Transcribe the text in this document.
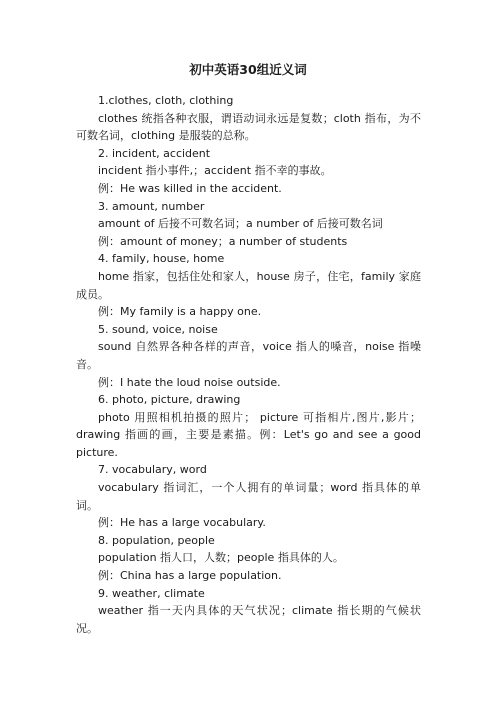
初中英语30组近义词

1.clothes, cloth, clothing

clothes 统指各种衣服，谓语动词永远是复数；cloth 指布，为不可数名词，clothing 是服装的总称。

2. incident, accident

incident 指小事件,；accident 指不幸的事故。

例：He was killed in the accident.

3. amount, number

amount of 后接不可数名词；a number of 后接可数名词

例：amount of money；a number of students

4. family, house, home

home 指家，包括住处和家人，house 房子，住宅，family 家庭成员。

例：My family is a happy one.

5. sound, voice, noise

sound 自然界各种各样的声音，voice 指人的嗓音，noise 指噪音。

例：I hate the loud noise outside.

6. photo, picture, drawing

photo 用照相机拍摄的照片； picture 可指相片,图片,影片；drawing 指画的画，主要是素描。例：Let's go and see a good picture.

7. vocabulary, word

vocabulary 指词汇，一个人拥有的单词量；word 指具体的单词。

例：He has a large vocabulary.

8. population, people

population 指人口，人数；people 指具体的人。

例：China has a large population.

9. weather, climate

weather 指一天内具体的天气状况；climate 指长期的气候状况。
